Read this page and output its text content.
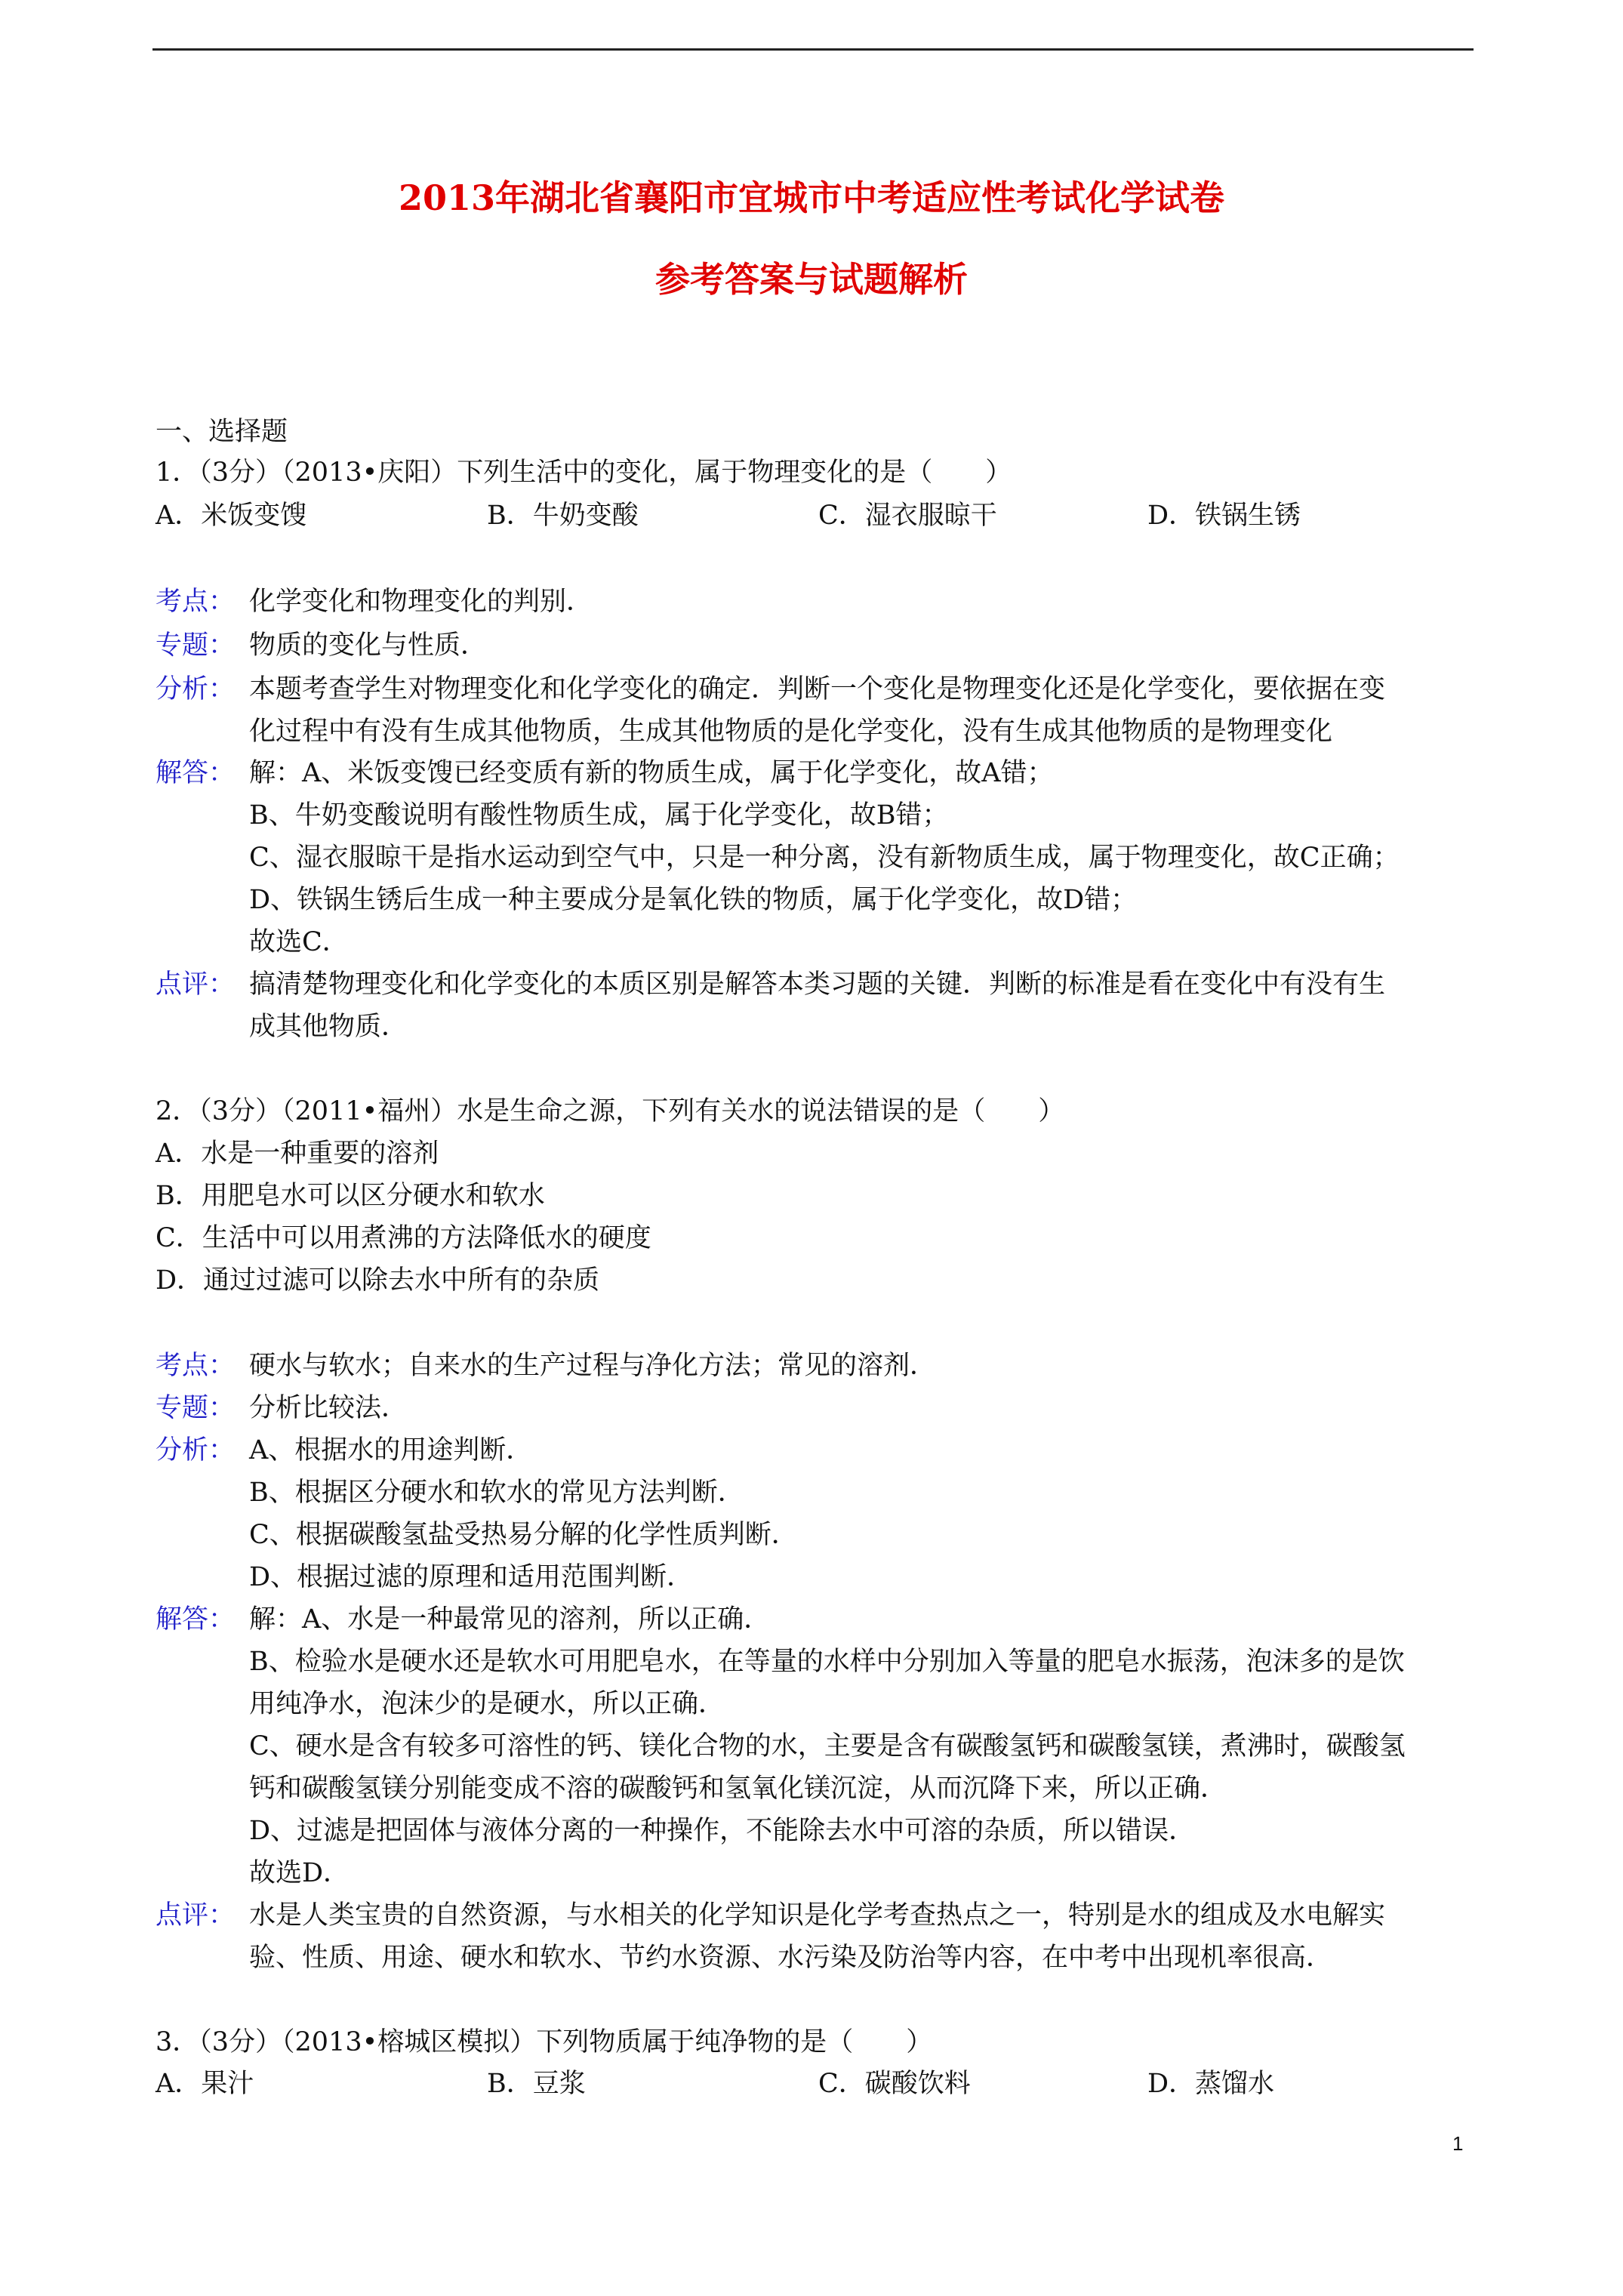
2013年湖北省襄阳市宜城市中考适应性考试化学试卷
参考答案与试题解析
一、选择题
1．（3分）（2013•庆阳）下列生活中的变化，属于物理变化的是（　　）
A．米饭变馊	B．牛奶变酸	C．湿衣服晾干	D．铁锅生锈
考点： 化学变化和物理变化的判别．
专题： 物质的变化与性质．
分析： 本题考查学生对物理变化和化学变化的确定．判断一个变化是物理变化还是化学变化，要依据在变
化过程中有没有生成其他物质，生成其他物质的是化学变化，没有生成其他物质的是物理变化
解答： 解：A、米饭变馊已经变质有新的物质生成，属于化学变化，故A错；
B、牛奶变酸说明有酸性物质生成，属于化学变化，故B错；
C、湿衣服晾干是指水运动到空气中，只是一种分离，没有新物质生成，属于物理变化，故C正确；
D、铁锅生锈后生成一种主要成分是氧化铁的物质，属于化学变化，故D错；
故选C．
点评： 搞清楚物理变化和化学变化的本质区别是解答本类习题的关键．判断的标准是看在变化中有没有生
成其他物质．
2．（3分）（2011•福州）水是生命之源，下列有关水的说法错误的是（　　）
A．水是一种重要的溶剂
B．用肥皂水可以区分硬水和软水
C．生活中可以用煮沸的方法降低水的硬度
D．通过过滤可以除去水中所有的杂质
考点： 硬水与软水；自来水的生产过程与净化方法；常见的溶剂．
专题： 分析比较法．
分析： A、根据水的用途判断．
B、根据区分硬水和软水的常见方法判断．
C、根据碳酸氢盐受热易分解的化学性质判断．
D、根据过滤的原理和适用范围判断．
解答： 解：A、水是一种最常见的溶剂，所以正确．
B、检验水是硬水还是软水可用肥皂水，在等量的水样中分别加入等量的肥皂水振荡，泡沫多的是饮
用纯净水，泡沫少的是硬水，所以正确．
C、硬水是含有较多可溶性的钙、镁化合物的水，主要是含有碳酸氢钙和碳酸氢镁，煮沸时，碳酸氢
钙和碳酸氢镁分别能变成不溶的碳酸钙和氢氧化镁沉淀，从而沉降下来，所以正确．
D、过滤是把固体与液体分离的一种操作，不能除去水中可溶的杂质，所以错误．
故选D．
点评： 水是人类宝贵的自然资源，与水相关的化学知识是化学考查热点之一，特别是水的组成及水电解实
验、性质、用途、硬水和软水、节约水资源、水污染及防治等内容，在中考中出现机率很高．
3．（3分）（2013•榕城区模拟）下列物质属于纯净物的是（　　）
A．果汁	B．豆浆	C．碳酸饮料	D．蒸馏水
1
